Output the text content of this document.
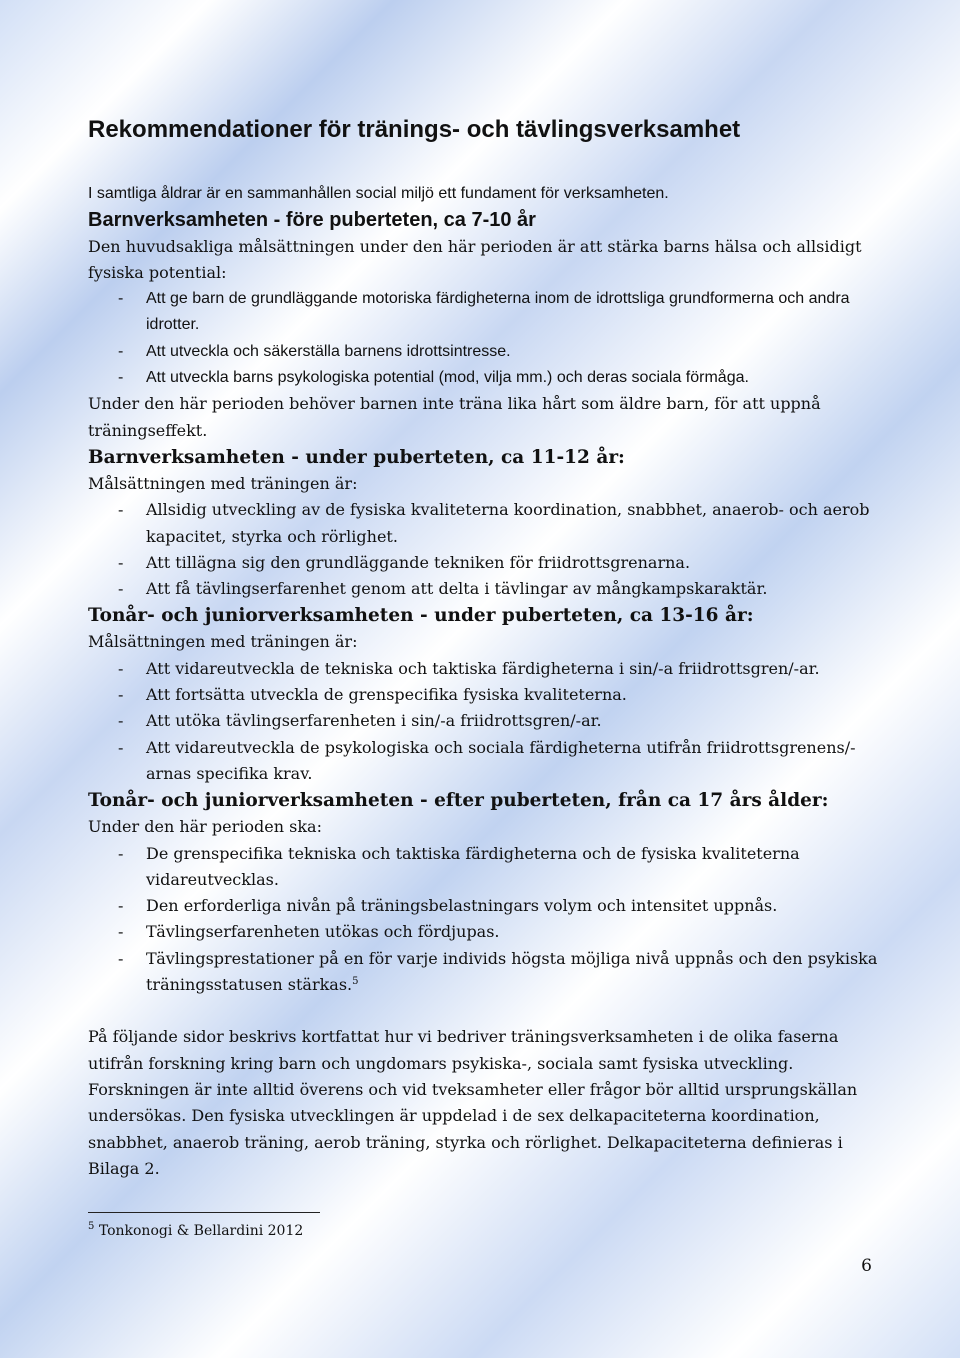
Rekommendationer för tränings- och tävlingsverksamhet

I samtliga åldrar är en sammanhållen social miljö ett fundament för verksamheten.

Barnverksamheten - före puberteten, ca 7-10 år

Den huvudsakliga målsättningen under den här perioden är att stärka barns hälsa och allsidigt fysiska potential:

- Att ge barn de grundläggande motoriska färdigheterna inom de idrottsliga grundformerna och andra idrotter.
- Att utveckla och säkerställa barnens idrottsintresse.
- Att utveckla barns psykologiska potential (mod, vilja mm.) och deras sociala förmåga.

Under den här perioden behöver barnen inte träna lika hårt som äldre barn, för att uppnå träningseffekt.

Barnverksamheten - under puberteten, ca 11-12 år:

Målsättningen med träningen är:

- Allsidig utveckling av de fysiska kvaliteterna koordination, snabbhet, anaerob- och aerob kapacitet, styrka och rörlighet.
- Att tillägna sig den grundläggande tekniken för friidrottsgrenarna.
- Att få tävlingserfarenhet genom att delta i tävlingar av mångkampskaraktär.
Tonår- och juniorverksamheten - under puberteten, ca 13-16 år:

Målsättningen med träningen är:

- Att vidareutveckla de tekniska och taktiska färdigheterna i sin/-a friidrottsgren/-ar.
- Att fortsätta utveckla de grenspecifika fysiska kvaliteterna.
- Att utöka tävlingserfarenheten i sin/-a friidrottsgren/-ar.
- Att vidareutveckla de psykologiska och sociala färdigheterna utifrån friidrottsgrenens/-arnas specifika krav.
Tonår- och juniorverksamheten - efter puberteten, från ca 17 års ålder:

Under den här perioden ska:

- De grenspecifika tekniska och taktiska färdigheterna och de fysiska kvaliteterna vidareutvecklas.
- Den erforderliga nivån på träningsbelastningars volym och intensitet uppnås.
- Tävlingserfarenheten utökas och fördjupas.
- Tävlingsprestationer på en för varje individs högsta möjliga nivå uppnås och den psykiska träningsstatusen stärkas.$^5$

På följande sidor beskrivs kortfattat hur vi bedriver träningsverksamheten i de olika faserna utifrån forskning kring barn och ungdomars psykiska-, sociala samt fysiska utveckling. Forskningen är inte alltid överens och vid tveksamheter eller frågor bör alltid ursprungskällan undersökas. Den fysiska utvecklingen är uppdelad i de sex delkapaciteterna koordination, snabbhet, anaerob träning, aerob träning, styrka och rörlighet. Delkapaciteterna definieras i Bilaga 2.

$^5$ Tonkonogi & Bellardini 2012
6
